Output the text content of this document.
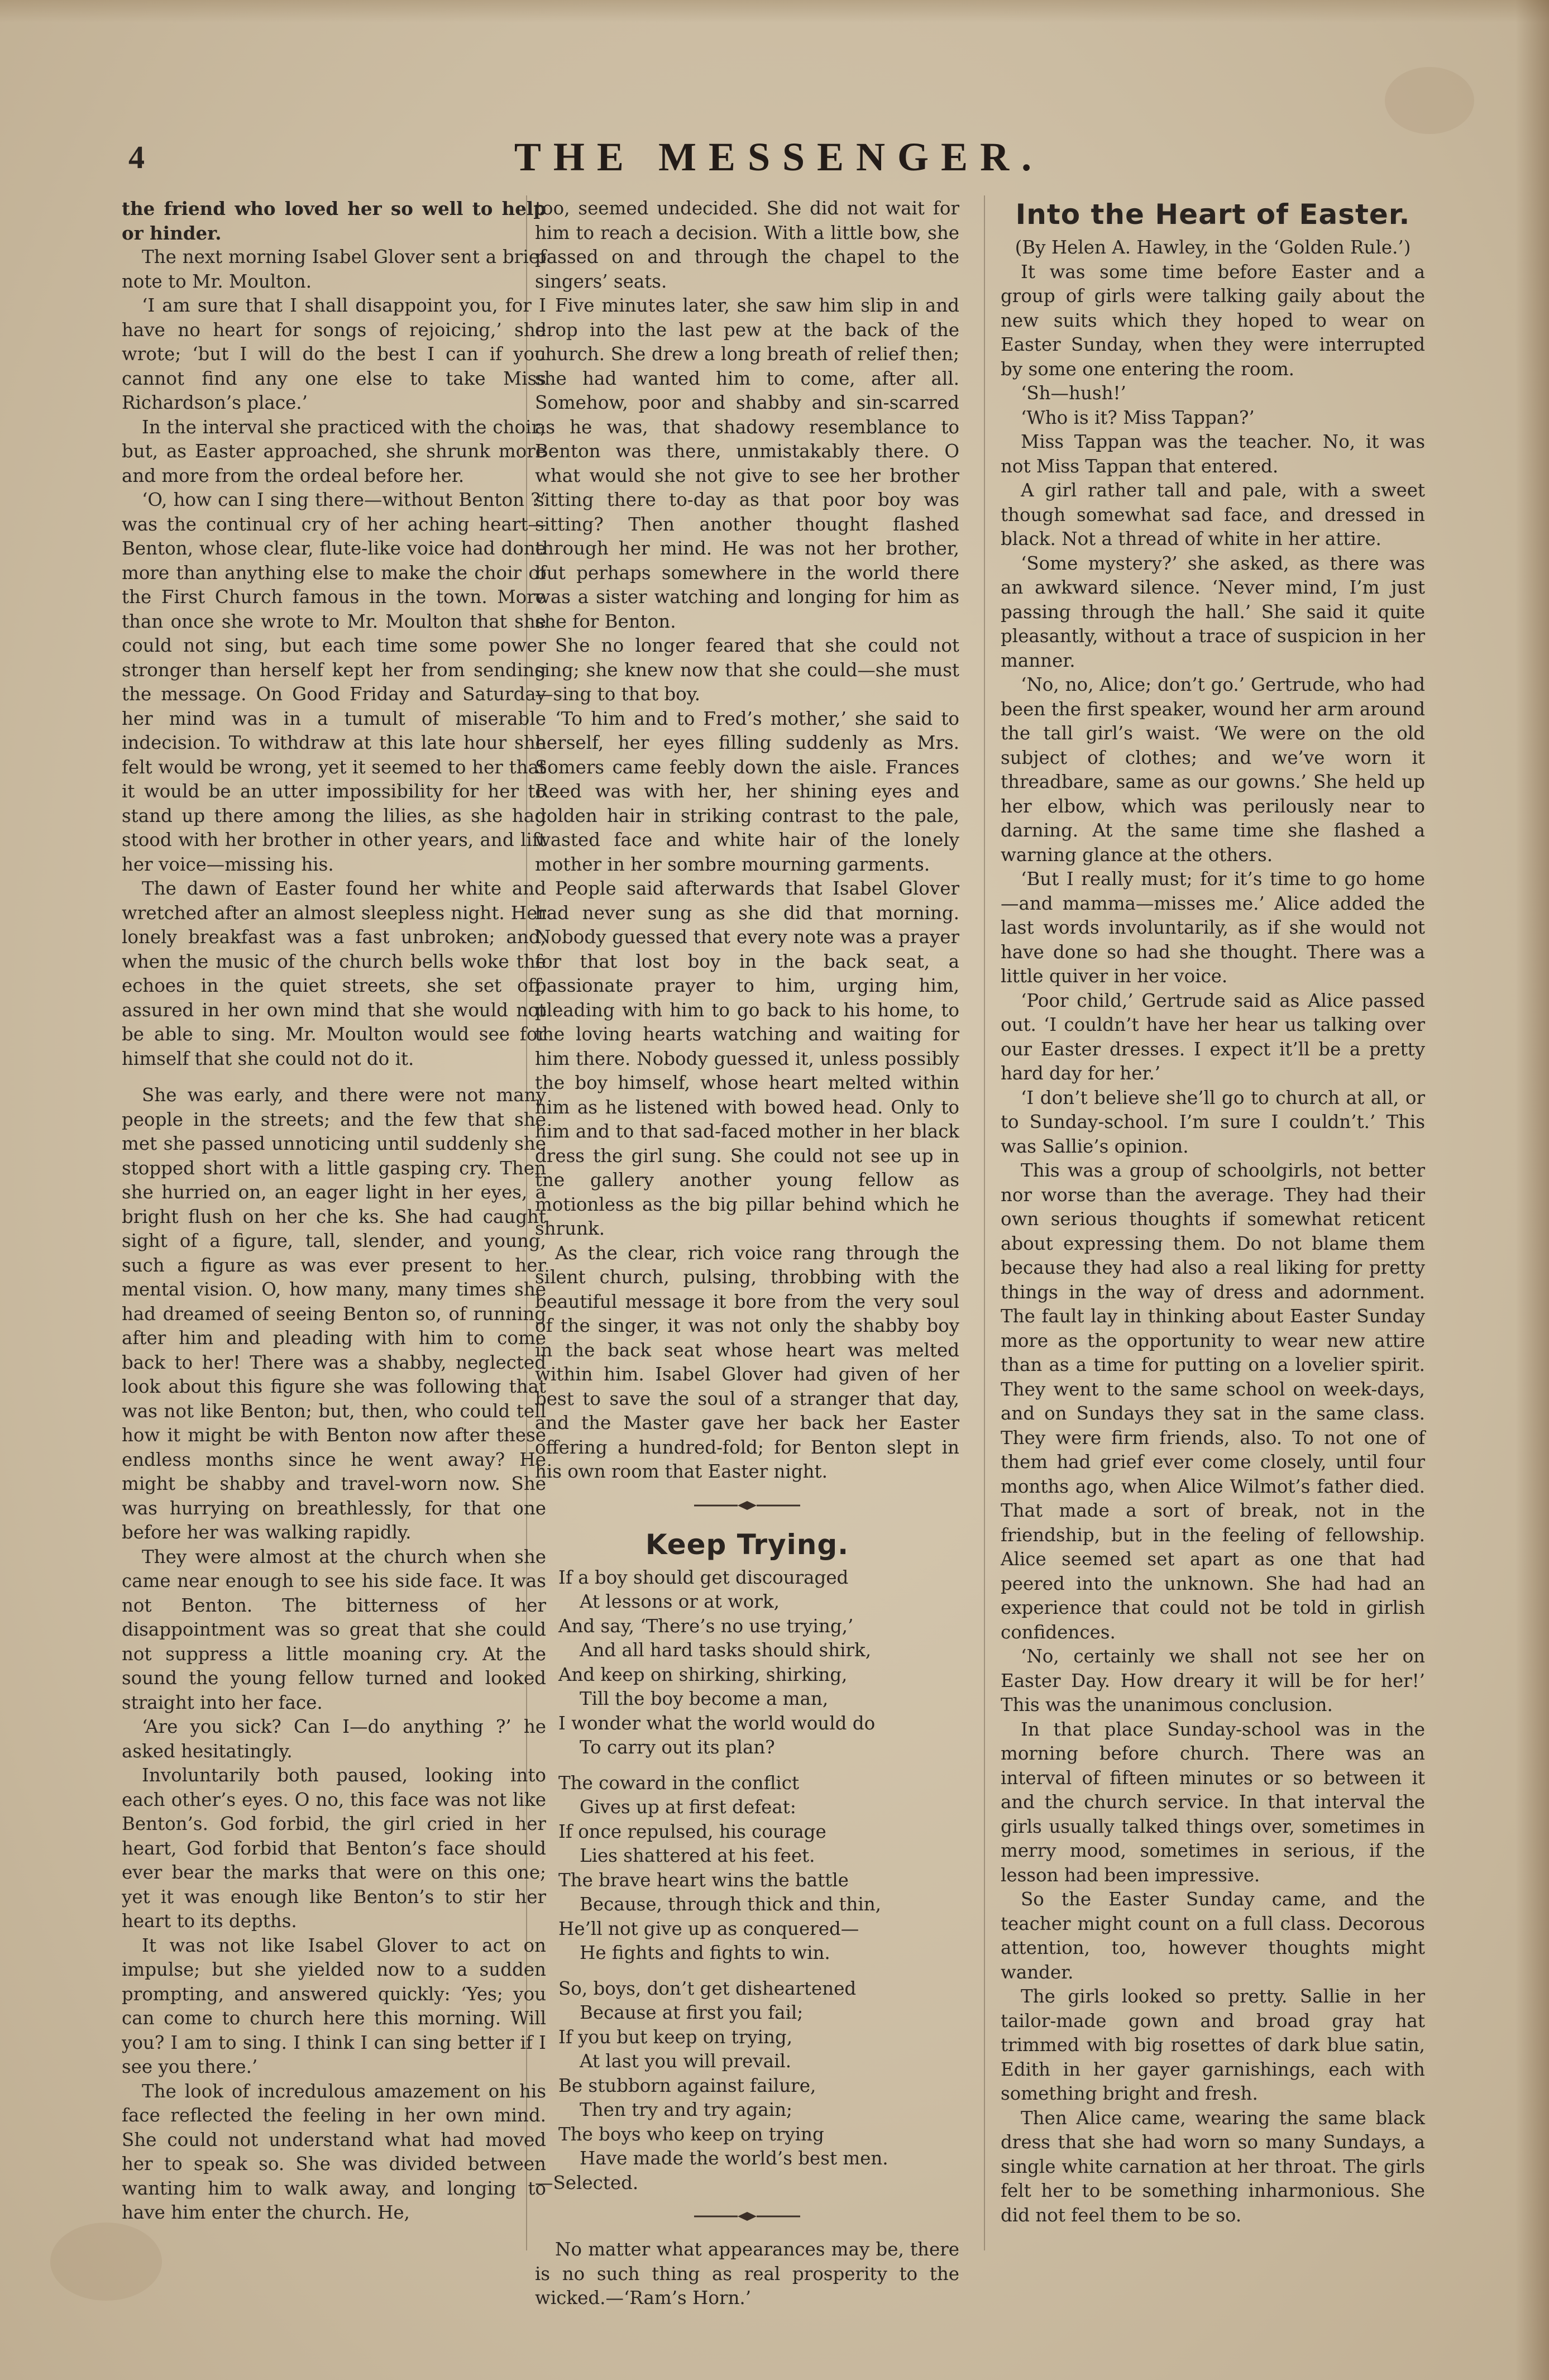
4	THE MESSENGER.

the friend who loved her so well to help or hinder.

The next morning Isabel Glover sent a brief note to Mr. Moulton.

‘I am sure that I shall disappoint you, for I have no heart for songs of rejoicing,’ she wrote; ‘but I will do the best I can if you cannot find any one else to take Miss Richardson’s place.’

In the interval she practiced with the choir; but, as Easter approached, she shrunk more and more from the ordeal before her.

‘O, how can I sing there—without Benton ?’ was the continual cry of her aching heart—Benton, whose clear, flute-like voice had done more than anything else to make the choir of the First Church famous in the town. More than once she wrote to Mr. Moulton that she could not sing, but each time some power stronger than herself kept her from sending the message. On Good Friday and Saturday her mind was in a tumult of miserable indecision. To withdraw at this late hour she felt would be wrong, yet it seemed to her that it would be an utter impossibility for her to stand up there among the lilies, as she had stood with her brother in other years, and lift her voice—missing his.

The dawn of Easter found her white and wretched after an almost sleepless night. Her lonely breakfast was a fast unbroken; and, when the music of the church bells woke the echoes in the quiet streets, she set off, assured in her own mind that she would not be able to sing. Mr. Moulton would see for himself that she could not do it.

She was early, and there were not many people in the streets; and the few that she met she passed unnoticing until suddenly she stopped short with a little gasping cry. Then she hurried on, an eager light in her eyes, a bright flush on her che ks. She had caught sight of a figure, tall, slender, and young, such a figure as was ever present to her mental vision. O, how many, many times she had dreamed of seeing Benton so, of running after him and pleading with him to come back to her! There was a shabby, neglected look about this figure she was following that was not like Benton; but, then, who could tell how it might be with Benton now after these endless months since he went away? He might be shabby and travel-worn now. She was hurrying on breathlessly, for that one before her was walking rapidly.

They were almost at the church when she came near enough to see his side face. It was not Benton. The bitterness of her disappointment was so great that she could not suppress a little moaning cry. At the sound the young fellow turned and looked straight into her face.

‘Are you sick? Can I—do anything ?’ he asked hesitatingly.

Involuntarily both paused, looking into each other’s eyes. O no, this face was not like Benton’s. God forbid, the girl cried in her heart, God forbid that Benton’s face should ever bear the marks that were on this one; yet it was enough like Benton’s to stir her heart to its depths.

It was not like Isabel Glover to act on impulse; but she yielded now to a sudden prompting, and answered quickly: ‘Yes; you can come to church here this morning. Will you? I am to sing. I think I can sing better if I see you there.’

The look of incredulous amazement on his face reflected the feeling in her own mind. She could not understand what had moved her to speak so. She was divided between wanting him to walk away, and longing to have him enter the church. He,

too, seemed undecided. She did not wait for him to reach a decision. With a little bow, she passed on and through the chapel to the singers’ seats.

Five minutes later, she saw him slip in and drop into the last pew at the back of the church. She drew a long breath of relief then; she had wanted him to come, after all. Somehow, poor and shabby and sin-scarred as he was, that shadowy resemblance to Benton was there, unmistakably there. O what would she not give to see her brother sitting there to-day as that poor boy was sitting? Then another thought flashed through her mind. He was not her brother, but perhaps somewhere in the world there was a sister watching and longing for him as she for Benton.

She no longer feared that she could not sing; she knew now that she could—she must—sing to that boy.

‘To him and to Fred’s mother,’ she said to herself, her eyes filling suddenly as Mrs. Somers came feebly down the aisle. Frances Reed was with her, her shining eyes and golden hair in striking contrast to the pale, wasted face and white hair of the lonely mother in her sombre mourning garments.

People said afterwards that Isabel Glover had never sung as she did that morning. Nobody guessed that every note was a prayer for that lost boy in the back seat, a passionate prayer to him, urging him, pleading with him to go back to his home, to the loving hearts watching and waiting for him there. Nobody guessed it, unless possibly the boy himself, whose heart melted within him as he listened with bowed head. Only to him and to that sad-faced mother in her black dress the girl sung. She could not see up in tne gallery another young fellow as motionless as the big pillar behind which he shrunk.

As the clear, rich voice rang through the silent church, pulsing, throbbing with the beautiful message it bore from the very soul of the singer, it was not only the shabby boy in the back seat whose heart was melted within him. Isabel Glover had given of her best to save the soul of a stranger that day, and the Master gave her back her Easter offering a hundred-fold; for Benton slept in his own room that Easter night.

Keep Trying.

If a boy should get discouraged

At lessons or at work,

And say, ‘There’s no use trying,’

And all hard tasks should shirk,

And keep on shirking, shirking,

Till the boy become a man,

I wonder what the world would do

To carry out its plan?

The coward in the conflict

Gives up at first defeat:

If once repulsed, his courage

Lies shattered at his feet.

The brave heart wins the battle

Because, through thick and thin,

He’ll not give up as conquered—

He fights and fights to win.

So, boys, don’t get disheartened

Because at first you fail;

If you but keep on trying,

At last you will prevail.

Be stubborn against failure,

Then try and try again;

The boys who keep on trying

Have made the world’s best men.

—Selected.

No matter what appearances may be, there is no such thing as real prosperity to the wicked.—‘Ram’s Horn.’

Into the Heart of Easter.

(By Helen A. Hawley, in the ‘Golden Rule.’)

It was some time before Easter and a group of girls were talking gaily about the new suits which they hoped to wear on Easter Sunday, when they were interrupted by some one entering the room.

‘Sh—hush!’

‘Who is it? Miss Tappan?’

Miss Tappan was the teacher. No, it was not Miss Tappan that entered.

A girl rather tall and pale, with a sweet though somewhat sad face, and dressed in black. Not a thread of white in her attire.

‘Some mystery?’ she asked, as there was an awkward silence. ‘Never mind, I’m just passing through the hall.’ She said it quite pleasantly, without a trace of suspicion in her manner.

‘No, no, Alice; don’t go.’ Gertrude, who had been the first speaker, wound her arm around the tall girl’s waist. ‘We were on the old subject of clothes; and we’ve worn it threadbare, same as our gowns.’ She held up her elbow, which was perilously near to darning. At the same time she flashed a warning glance at the others.

‘But I really must; for it’s time to go home—and mamma—misses me.’ Alice added the last words involuntarily, as if she would not have done so had she thought. There was a little quiver in her voice.

‘Poor child,’ Gertrude said as Alice passed out. ‘I couldn’t have her hear us talking over our Easter dresses. I expect it’ll be a pretty hard day for her.’

‘I don’t believe she’ll go to church at all, or to Sunday-school. I’m sure I couldn’t.’ This was Sallie’s opinion.

This was a group of schoolgirls, not better nor worse than the average. They had their own serious thoughts if somewhat reticent about expressing them. Do not blame them because they had also a real liking for pretty things in the way of dress and adornment. The fault lay in thinking about Easter Sunday more as the opportunity to wear new attire than as a time for putting on a lovelier spirit. They went to the same school on week-days, and on Sundays they sat in the same class. They were firm friends, also. To not one of them had grief ever come closely, until four months ago, when Alice Wilmot’s father died. That made a sort of break, not in the friendship, but in the feeling of fellowship. Alice seemed set apart as one that had peered into the unknown. She had had an experience that could not be told in girlish confidences.

‘No, certainly we shall not see her on Easter Day. How dreary it will be for her!’ This was the unanimous conclusion.

In that place Sunday-school was in the morning before church. There was an interval of fifteen minutes or so between it and the church service. In that interval the girls usually talked things over, sometimes in merry mood, sometimes in serious, if the lesson had been impressive.

So the Easter Sunday came, and the teacher might count on a full class. Decorous attention, too, however thoughts might wander.

The girls looked so pretty. Sallie in her tailor-made gown and broad gray hat trimmed with big rosettes of dark blue satin, Edith in her gayer garnishings, each with something bright and fresh.

Then Alice came, wearing the same black dress that she had worn so many Sundays, a single white carnation at her throat. The girls felt her to be something inharmonious. She did not feel them to be so.
